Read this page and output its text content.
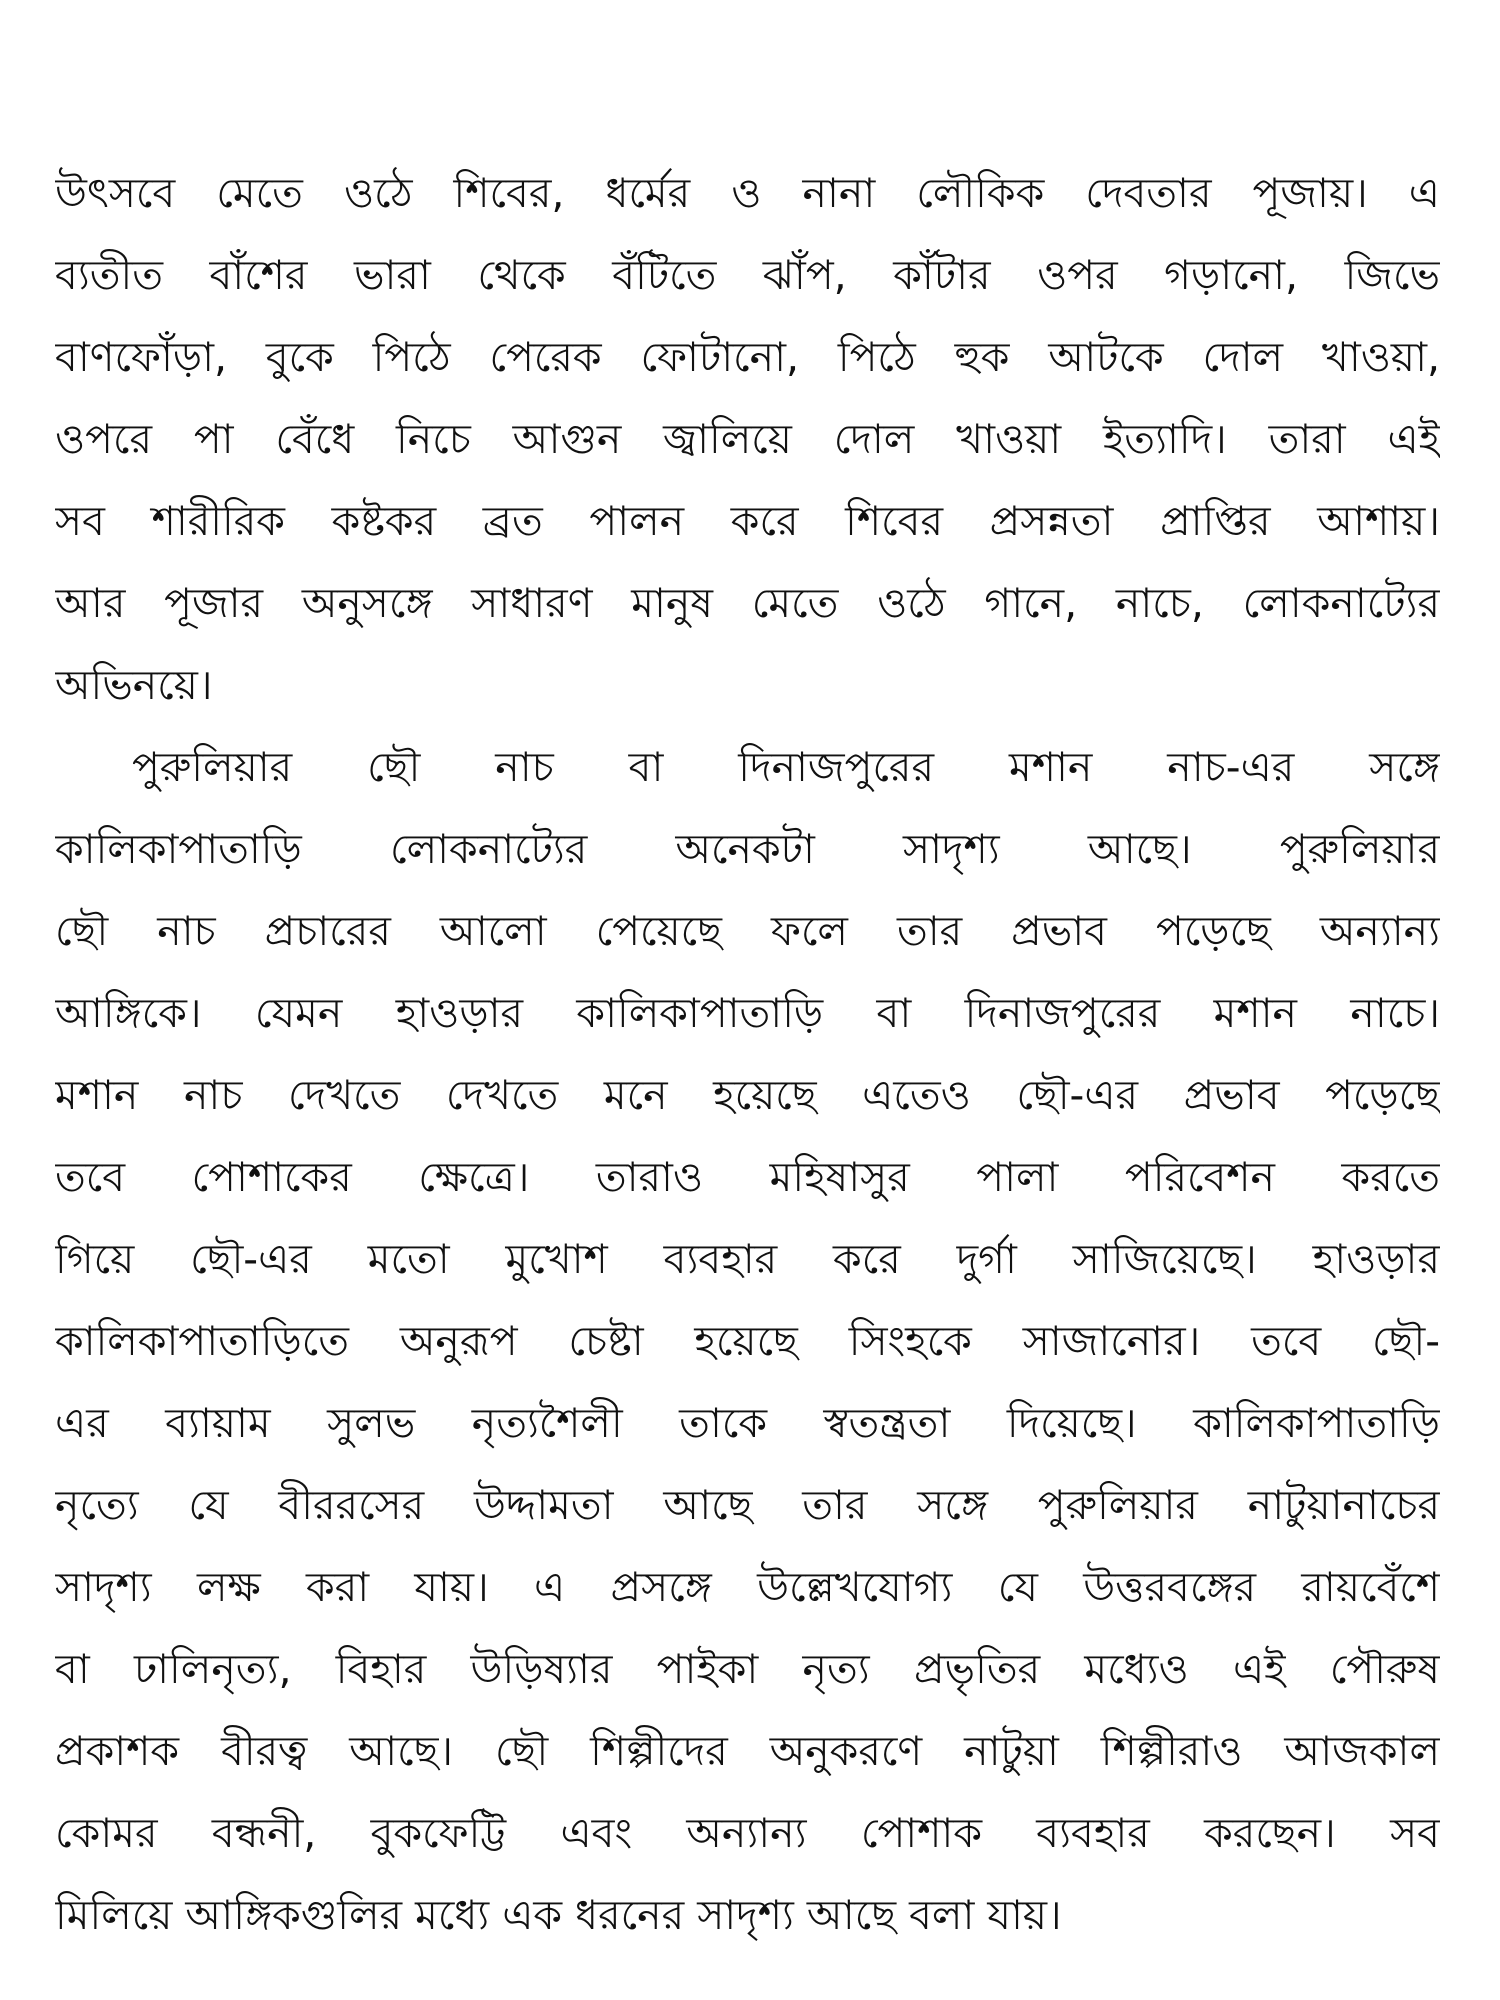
উৎসবে মেতে ওঠে শিবের, ধর্মের ও নানা লৌকিক দেবতার পূজায়। এ
ব্যতীত বাঁশের ভারা থেকে বঁটিতে ঝাঁপ, কাঁটার ওপর গড়ানো, জিভে
বাণফোঁড়া, বুকে পিঠে পেরেক ফোটানো, পিঠে হুক আটকে দোল খাওয়া,
ওপরে পা বেঁধে নিচে আগুন জ্বালিয়ে দোল খাওয়া ইত্যাদি। তারা এই
সব শারীরিক কষ্টকর ব্রত পালন করে শিবের প্রসন্নতা প্রাপ্তির আশায়।
আর পূজার অনুসঙ্গে সাধারণ মানুষ মেতে ওঠে গানে, নাচে, লোকনাট্যের
অভিনয়ে।
পুরুলিয়ার ছৌ নাচ বা দিনাজপুরের মশান নাচ-এর সঙ্গে
কালিকাপাতাড়ি লোকনাট্যের অনেকটা সাদৃশ্য আছে। পুরুলিয়ার
ছৌ নাচ প্রচারের আলো পেয়েছে ফলে তার প্রভাব পড়েছে অন্যান্য
আঙ্গিকে। যেমন হাওড়ার কালিকাপাতাড়ি বা দিনাজপুরের মশান নাচে।
মশান নাচ দেখতে দেখতে মনে হয়েছে এতেও ছৌ-এর প্রভাব পড়েছে
তবে পোশাকের ক্ষেত্রে। তারাও মহিষাসুর পালা পরিবেশন করতে
গিয়ে ছৌ-এর মতো মুখোশ ব্যবহার করে দুর্গা সাজিয়েছে। হাওড়ার
কালিকাপাতাড়িতে অনুরূপ চেষ্টা হয়েছে সিংহকে সাজানোর। তবে ছৌ-
এর ব্যায়াম সুলভ নৃত্যশৈলী তাকে স্বতন্ত্রতা দিয়েছে। কালিকাপাতাড়ি
নৃত্যে যে বীররসের উদ্দামতা আছে তার সঙ্গে পুরুলিয়ার নাটুয়ানাচের
সাদৃশ্য লক্ষ করা যায়। এ প্রসঙ্গে উল্লেখযোগ্য যে উত্তরবঙ্গের রায়বেঁশে
বা ঢালিনৃত্য, বিহার উড়িষ্যার পাইকা নৃত্য প্রভৃতির মধ্যেও এই পৌরুষ
প্রকাশক বীরত্ব আছে। ছৌ শিল্পীদের অনুকরণে নাটুয়া শিল্পীরাও আজকাল
কোমর বন্ধনী, বুকফেট্টি এবং অন্যান্য পোশাক ব্যবহার করছেন। সব
মিলিয়ে আঙ্গিকগুলির মধ্যে এক ধরনের সাদৃশ্য আছে বলা যায়।
